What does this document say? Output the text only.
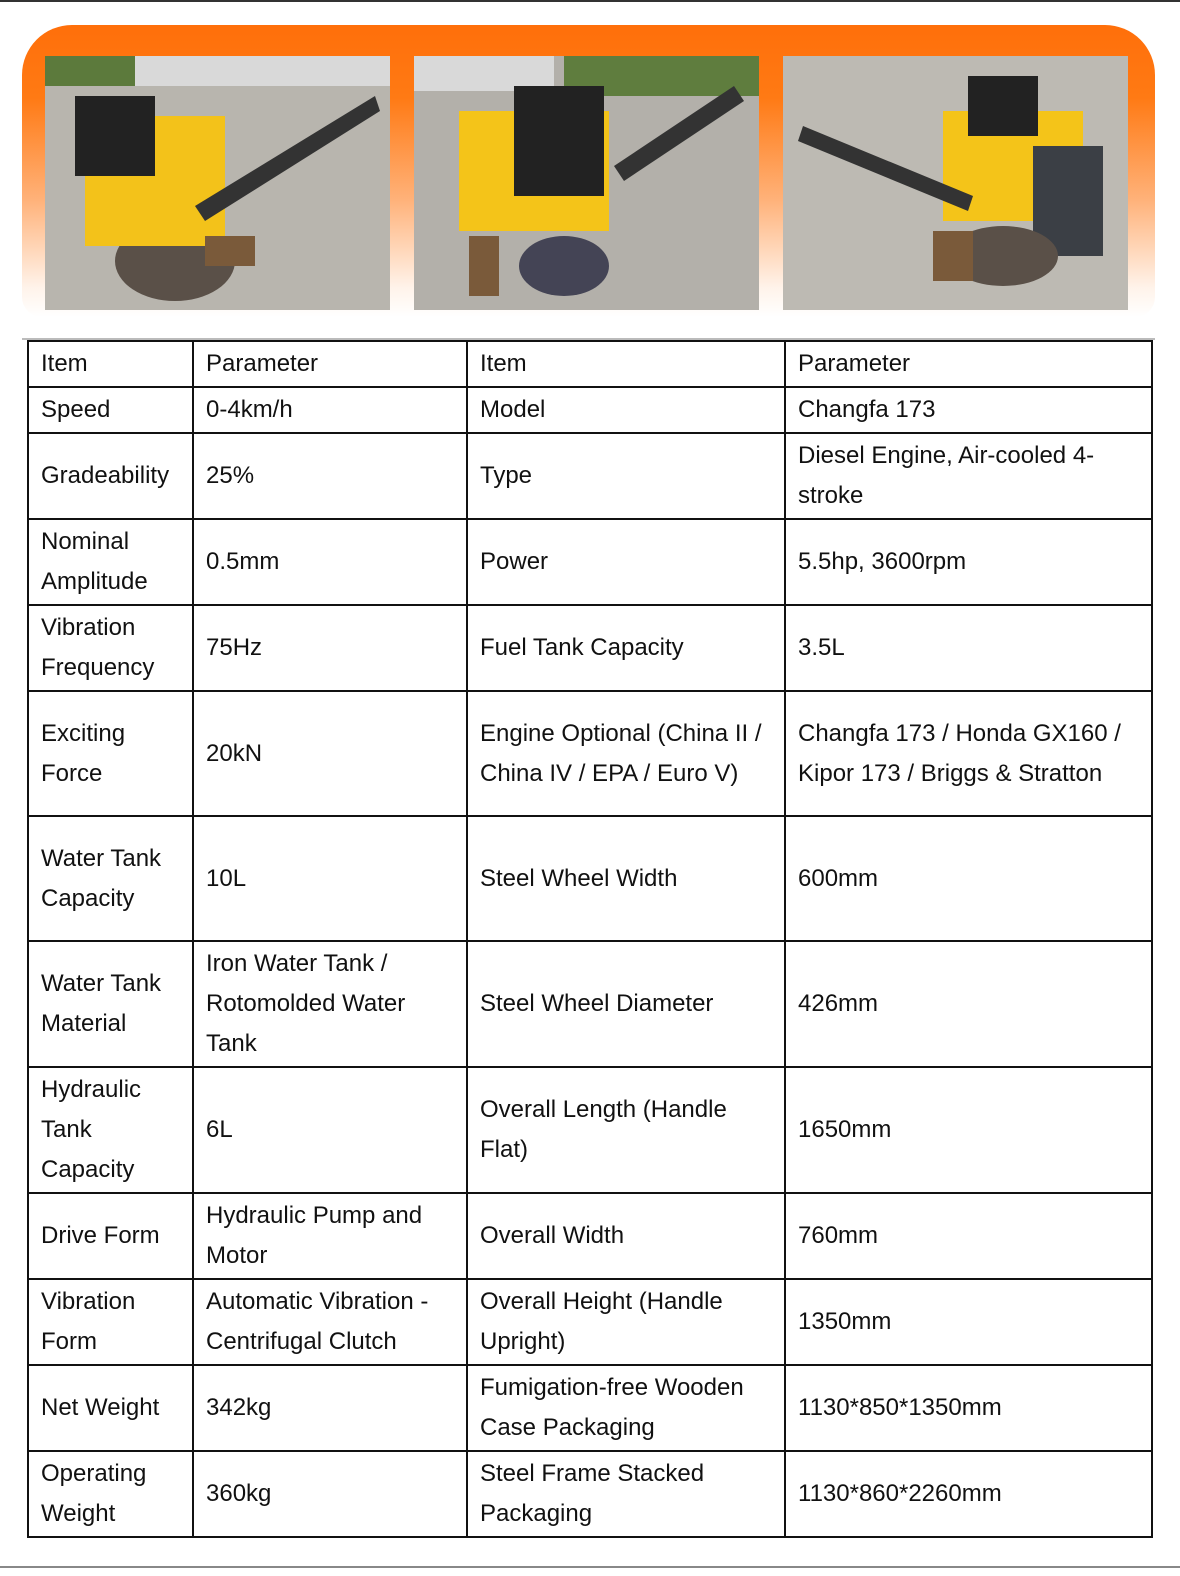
Item	Parameter	Item	Parameter
Speed	0-4km/h	Model	Changfa 173
Gradeability	25%	Type	Diesel Engine, Air-cooled 4-stroke
Nominal Amplitude	0.5mm	Power	5.5hp, 3600rpm
Vibration Frequency	75Hz	Fuel Tank Capacity	3.5L
Exciting Force	20kN	Engine Optional (China II / China IV / EPA / Euro V)	Changfa 173 / Honda GX160 / Kipor 173 / Briggs & Stratton
Water Tank Capacity	10L	Steel Wheel Width	600mm
Water Tank Material	Iron Water Tank / Rotomolded Water Tank	Steel Wheel Diameter	426mm
Hydraulic Tank Capacity	6L	Overall Length (Handle Flat)	1650mm
Drive Form	Hydraulic Pump and Motor	Overall Width	760mm
Vibration Form	Automatic Vibration - Centrifugal Clutch	Overall Height (Handle Upright)	1350mm
Net Weight	342kg	Fumigation-free Wooden Case Packaging	1130*850*1350mm
Operating Weight	360kg	Steel Frame Stacked Packaging	1130*860*2260mm
